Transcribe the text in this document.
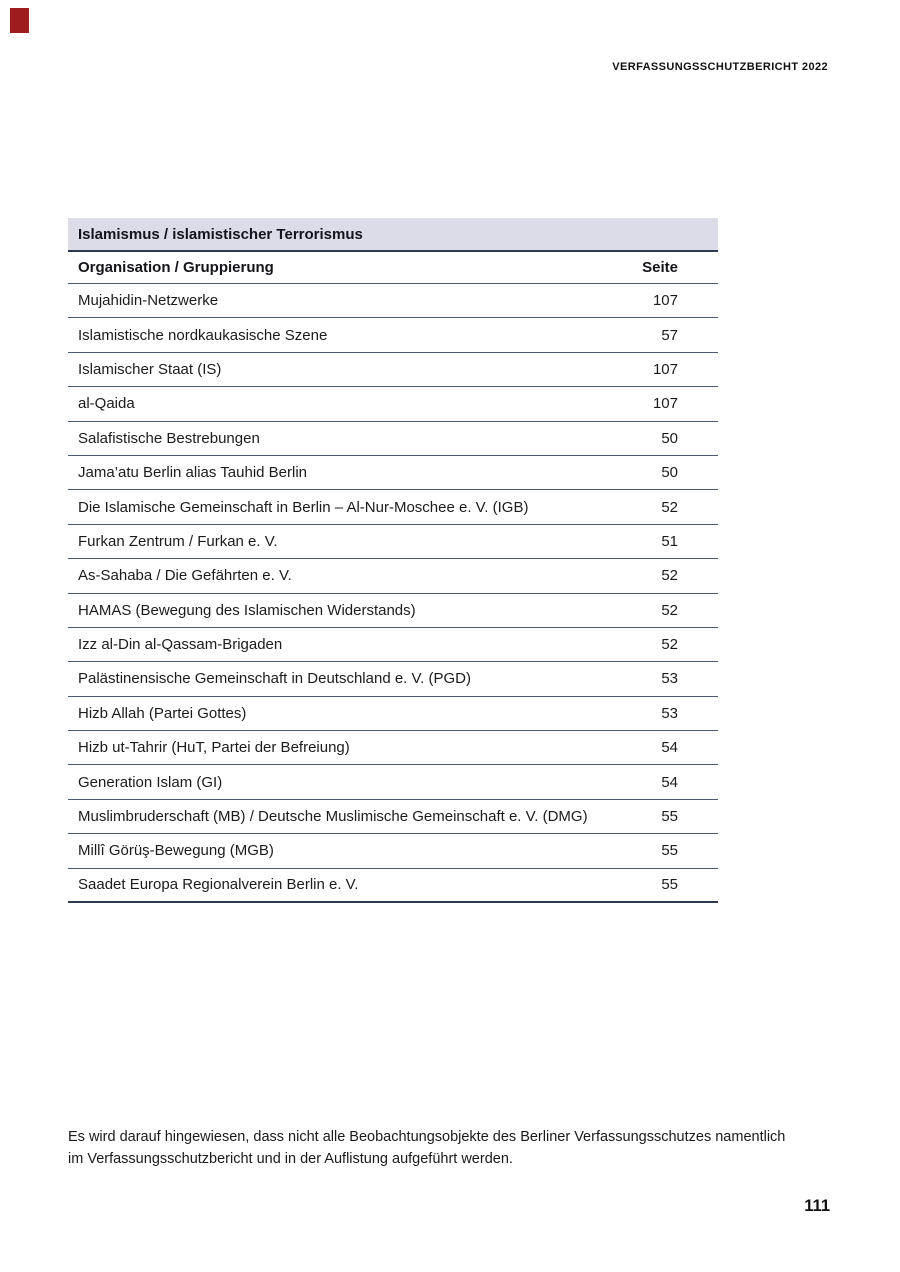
VERFASSUNGSSCHUTZBERICHT 2022
Islamismus / islamistischer Terrorismus
Organisation / Gruppierung	Seite
Mujahidin-Netzwerke	107
Islamistische nordkaukasische Szene	57
Islamischer Staat (IS)	107
al-Qaida	107
Salafistische Bestrebungen	50
Jama’atu Berlin alias Tauhid Berlin	50
Die Islamische Gemeinschaft in Berlin – Al-Nur-Moschee e. V. (IGB)	52
Furkan Zentrum / Furkan e. V.	51
As-Sahaba / Die Gefährten e. V.	52
HAMAS (Bewegung des Islamischen Widerstands)	52
Izz al-Din al-Qassam-Brigaden	52
Palästinensische Gemeinschaft in Deutschland e. V. (PGD)	53
Hizb Allah (Partei Gottes)	53
Hizb ut-Tahrir (HuT, Partei der Befreiung)	54
Generation Islam (GI)	54
Muslimbruderschaft (MB) / Deutsche Muslimische Gemeinschaft e. V. (DMG)	55
Millî Görüş-Bewegung (MGB)	55
Saadet Europa Regionalverein Berlin e. V.	55
Es wird darauf hingewiesen, dass nicht alle Beobachtungsobjekte des Berliner Verfassungsschutzes namentlich
im Verfassungsschutzbericht und in der Auflistung aufgeführt werden.
111
